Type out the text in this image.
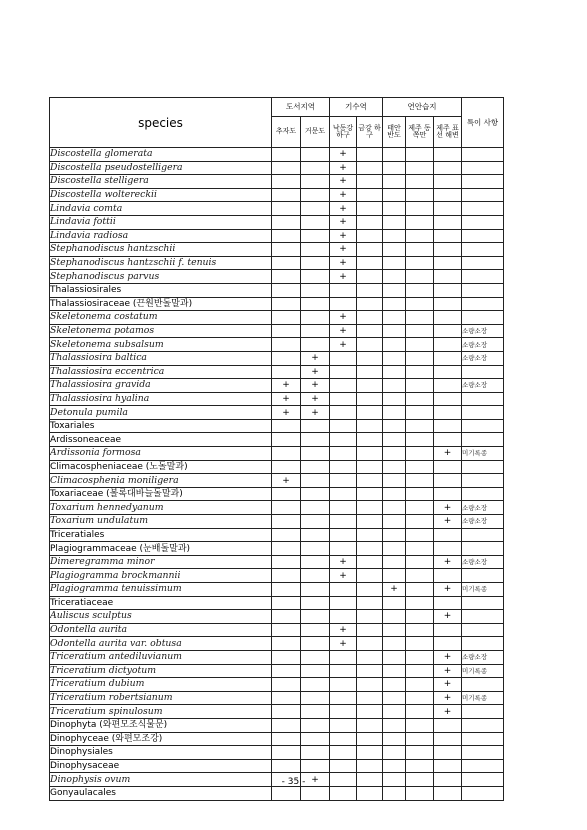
species	도서지역		기수역		연안습지			특이 사항
	추자도	거문도	낙동강 하구	금강 하구	태안 반도	제주 동쪽만	제주 표선 해변	
Discostella glomerata			+					
Discostella pseudostelligera			+					
Discostella stelligera			+					
Discostella woltereckii			+					
Lindavia comta			+					
Lindavia fottii			+					
Lindavia radiosa			+					
Stephanodiscus hantzschii			+					
Stephanodiscus hantzschii f. tenuis			+					
Stephanodiscus parvus			+					
Thalassiosirales								
Thalassiosiraceae (끈원반돌말과)								
Skeletonema costatum			+					
Skeletonema potamos			+					소량소장
Skeletonema subsalsum			+					소량소장
Thalassiosira baltica		+						소량소장
Thalassiosira eccentrica		+						
Thalassiosira gravida	+	+						소량소장
Thalassiosira hyalina	+	+						
Detonula pumila	+	+						
Toxariales								
Ardissoneaceae								
Ardissonia formosa							+	미기록종
Climacospheniaceae (노돌말과)								
Climacosphenia moniligera	+							
Toxariaceae (볼록대바늘돌말과)								
Toxarium hennedyanum							+	소량소장
Toxarium undulatum							+	소량소장
Triceratiales								
Plagiogrammaceae (눈배돌말과)								
Dimeregramma minor			+				+	소량소장
Plagiogramma brockmannii			+					
Plagiogramma tenuissimum					+		+	미기록종
Triceratiaceae								
Auliscus sculptus							+	
Odontella aurita			+					
Odontella aurita var. obtusa			+					
Triceratium antediluvianum							+	소량소장
Triceratium dictyotum							+	미기록종
Triceratium dubium							+	
Triceratium robertsianum							+	미기록종
Triceratium spinulosum							+	
Dinophyta (와편모조식물문)								
Dinophyceae (와편모조강)								
Dinophysiales								
Dinophysaceae								
Dinophysis ovum		+						
Gonyaulacales								
- 35 -
